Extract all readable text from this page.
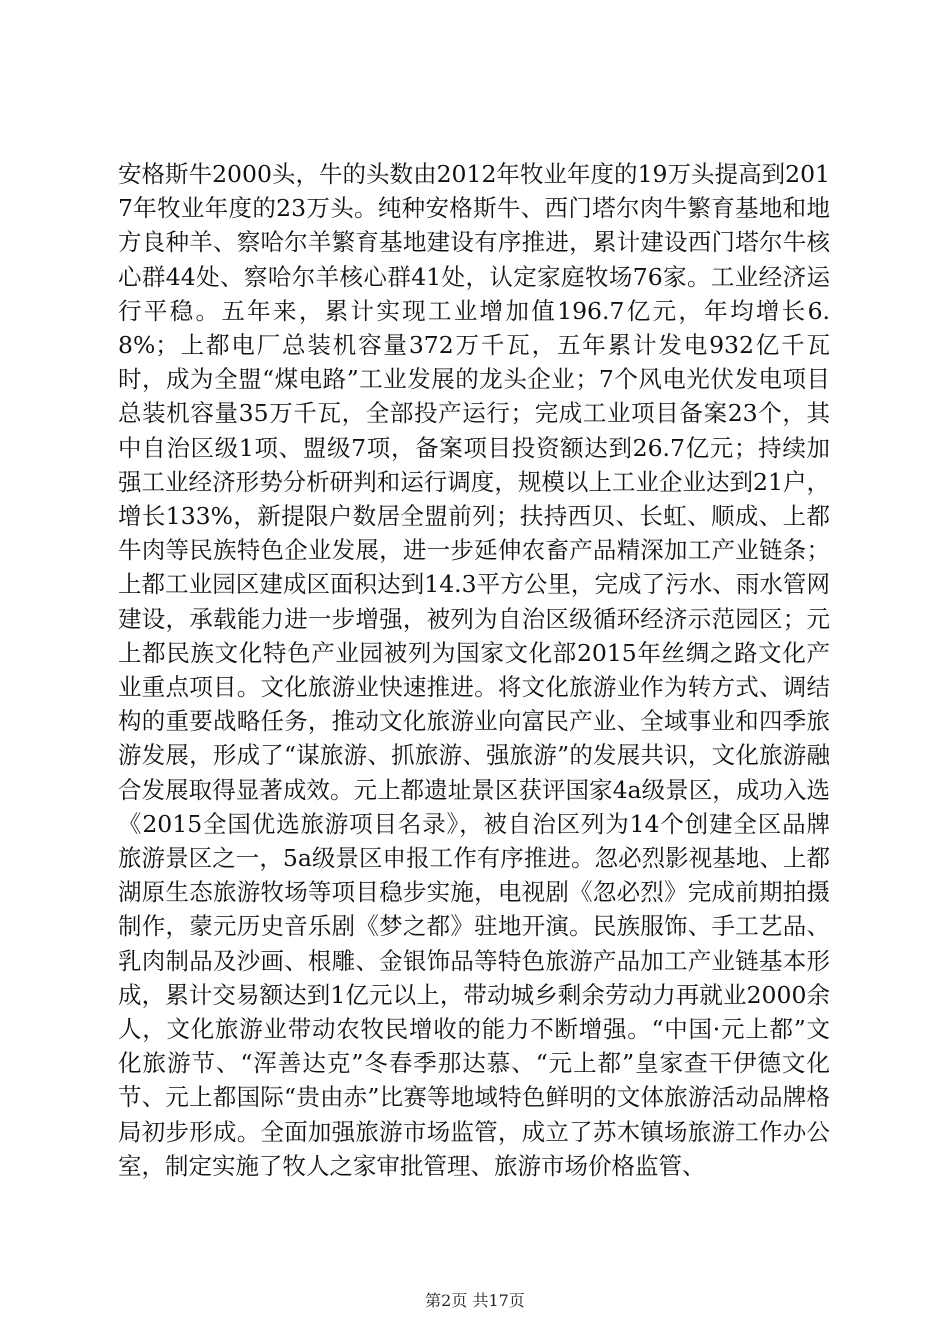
安格斯牛2000头，牛的头数由2012年牧业年度的19万头提高到2017年牧业年度的23万头。纯种安格斯牛、西门塔尔肉牛繁育基地和地方良种羊、察哈尔羊繁育基地建设有序推进，累计建设西门塔尔牛核心群44处、察哈尔羊核心群41处，认定家庭牧场76家。工业经济运行平稳。五年来，累计实现工业增加值196.7亿元，年均增长6.8%；上都电厂总装机容量372万千瓦，五年累计发电932亿千瓦时，成为全盟“煤电路”工业发展的龙头企业；7个风电光伏发电项目总装机容量35万千瓦，全部投产运行；完成工业项目备案23个，其中自治区级1项、盟级7项，备案项目投资额达到26.7亿元；持续加强工业经济形势分析研判和运行调度，规模以上工业企业达到21户，增长133%，新提限户数居全盟前列；扶持西贝、长虹、顺成、上都牛肉等民族特色企业发展，进一步延伸农畜产品精深加工产业链条；上都工业园区建成区面积达到14.3平方公里，完成了污水、雨水管网建设，承载能力进一步增强，被列为自治区级循环经济示范园区；元上都民族文化特色产业园被列为国家文化部2015年丝绸之路文化产业重点项目。文化旅游业快速推进。将文化旅游业作为转方式、调结构的重要战略任务，推动文化旅游业向富民产业、全域事业和四季旅游发展，形成了“谋旅游、抓旅游、强旅游”的发展共识，文化旅游融合发展取得显著成效。元上都遗址景区获评国家4a级景区，成功入选《2015全国优选旅游项目名录》，被自治区列为14个创建全区品牌旅游景区之一，5a级景区申报工作有序推进。忽必烈影视基地、上都湖原生态旅游牧场等项目稳步实施，电视剧《忽必烈》完成前期拍摄制作，蒙元历史音乐剧《梦之都》驻地开演。民族服饰、手工艺品、乳肉制品及沙画、根雕、金银饰品等特色旅游产品加工产业链基本形成，累计交易额达到1亿元以上，带动城乡剩余劳动力再就业2000余人，文化旅游业带动农牧民增收的能力不断增强。“中国·元上都”文化旅游节、“浑善达克”冬春季那达慕、“元上都”皇家查干伊德文化节、元上都国际“贵由赤”比赛等地域特色鲜明的文体旅游活动品牌格局初步形成。全面加强旅游市场监管，成立了苏木镇场旅游工作办公室，制定实施了牧人之家审批管理、旅游市场价格监管、

第2页 共17页
